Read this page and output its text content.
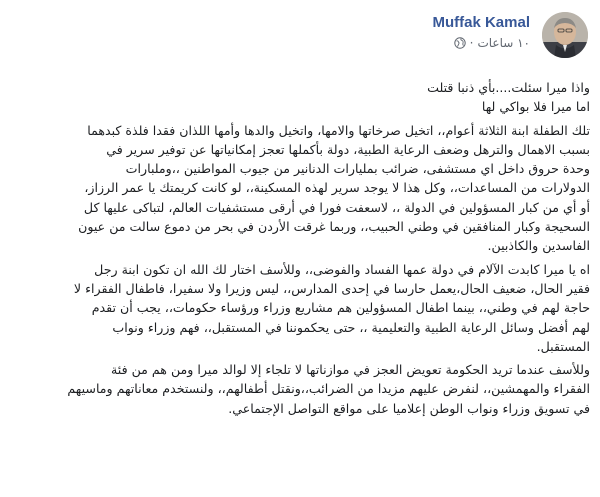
Muffak Kamal
١٠ ساعات
·
واذا ميرا سئلت....بأي ذنبا قتلت
اما ميرا فلا بواكي لها
تلك الطفلة ابنة الثلاثة أعوام،، اتخيل صرخاتها والامها، واتخيل والدها وأمها اللذان فقدا فلذة كبدهما
بسبب الاهمال والترهل وضعف الرعاية الطبية، دولة بأكملها تعجز إمكانياتها عن توفير سرير في
وحدة حروق داخل اي مستشفى، ضرائب بمليارات الدنانير من جيوب المواطنين ،،وملبارات
الدولارات من المساعدات،، وكل هذا لا يوجد سرير لهذه المسكينة،، لو كانت كريمتك يا عمر الرزاز،
أو أي من كبار المسؤولين في الدولة ،، لاسعفت فورا في أرقى مستشفيات العالم، لتباكى عليها كل
السحيجة وكبار المنافقين في وطني الحبيب،، وربما غرقت الأردن في بحر من دموع سالت من عيون
الفاسدين والكاذبين.
اه يا ميرا كابدت الآلام في دولة عمها الفساد والفوضى،، وللأسف اختار لك الله ان تكون ابنة رجل
فقير الحال، ضعيف الحال،يعمل حارسا في إحدى المدارس،، ليس وزيرا ولا سفيرا، فاطفال الفقراء لا
حاجة لهم في وطني،، بينما اطفال المسؤولين هم مشاريع وزراء ورؤساء حكومات،، يجب أن تقدم
لهم أفضل وسائل الرعاية الطبية والتعليمية ،، حتى يحكموننا في المستقبل،، فهم وزراء ونواب
المستقبل.
وللأسف عندما تريد الحكومة تعويض العجز في موازناتها لا تلجاء إلا لوالد ميرا ومن هم من فئة
الفقراء والمهمشين،، لنفرض عليهم مزيدا من الضرائب،،ونقتل أطفالهم،، ولنستخدم معاناتهم وماسيهم
في تسويق وزراء ونواب الوطن إعلاميا على مواقع التواصل الإجتماعي.
